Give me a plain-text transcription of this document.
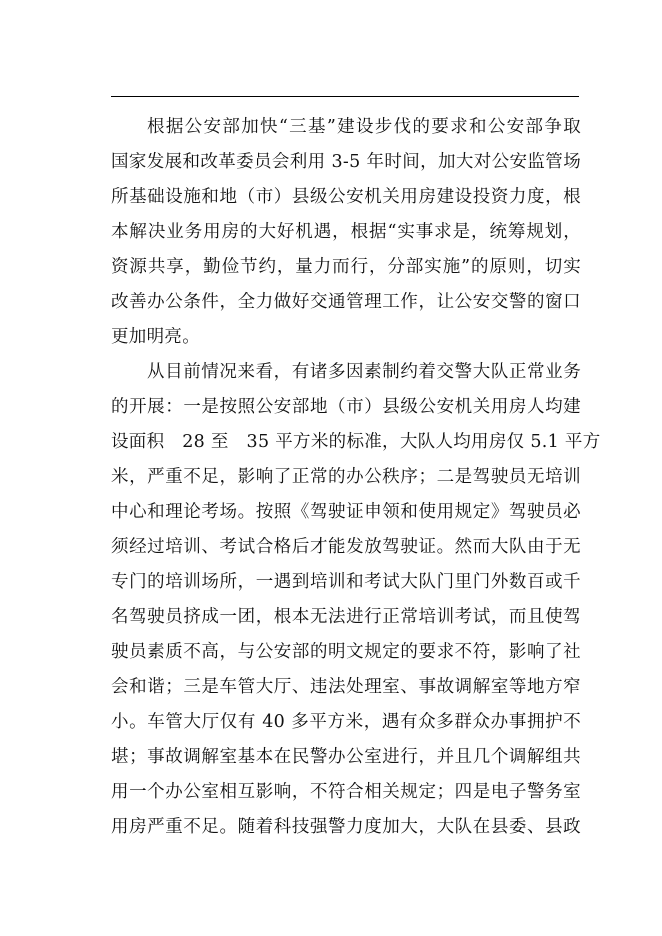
根据公安部加快“三基”建设步伐的要求和公安部争取
国家发展和改革委员会利用 3-5 年时间，加大对公安监管场
所基础设施和地（市）县级公安机关用房建设投资力度，根
本解决业务用房的大好机遇，根据“实事求是，统筹规划，
资源共享，勤俭节约，量力而行，分部实施”的原则，切实
改善办公条件，全力做好交通管理工作，让公安交警的窗口
更加明亮。
从目前情况来看，有诸多因素制约着交警大队正常业务
的开展：一是按照公安部地（市）县级公安机关用房人均建
设面积　28 至　35 平方米的标准，大队人均用房仅 5.1 平方
米，严重不足，影响了正常的办公秩序；二是驾驶员无培训
中心和理论考场。按照《驾驶证申领和使用规定》驾驶员必
须经过培训、考试合格后才能发放驾驶证。然而大队由于无
专门的培训场所，一遇到培训和考试大队门里门外数百或千
名驾驶员挤成一团，根本无法进行正常培训考试，而且使驾
驶员素质不高，与公安部的明文规定的要求不符，影响了社
会和谐；三是车管大厅、违法处理室、事故调解室等地方窄
小。车管大厅仅有 40 多平方米，遇有众多群众办事拥护不
堪；事故调解室基本在民警办公室进行，并且几个调解组共
用一个办公室相互影响，不符合相关规定；四是电子警务室
用房严重不足。随着科技强警力度加大，大队在县委、县政
